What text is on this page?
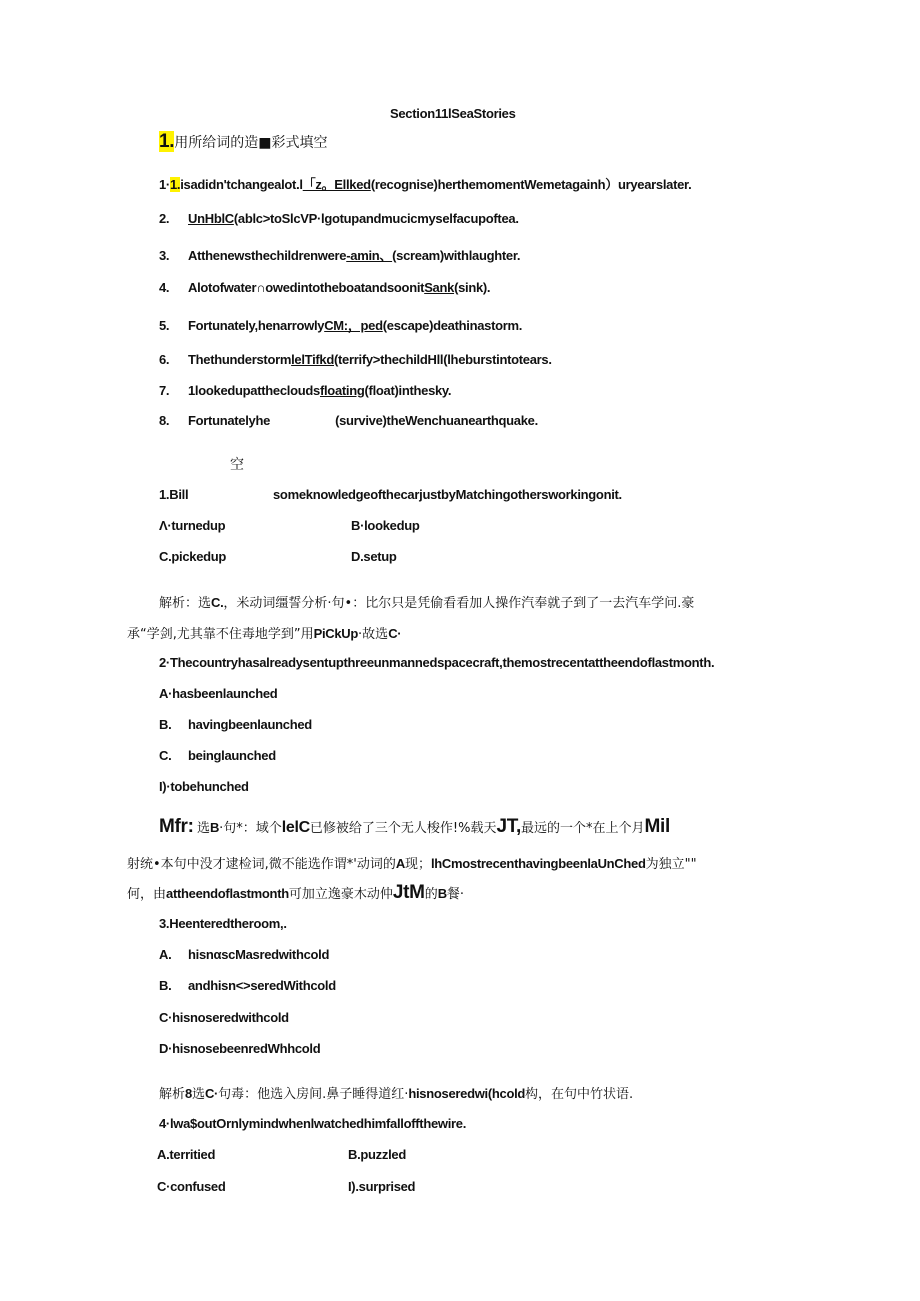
Section11lSeaStories
1.用所给词的造■彩式填空
1·1.isadidn'tchangealot.l「z。Ellked(recognise)herthemomentWemetagainh）uryearslater.
2. UnHblC(ablc>toSlcVP·lgotupandmucicmyselfacupoftea.
3. Atthenewsthechildrenwere-amin、(scream)withlaughter.
4. Alotofwater∩owedintotheboatandsoonitSank(sink).
5. Fortunately,henarrowlyCM:，ped(escape)deathinastorm.
6. ThethunderstormlelTifkd(terrify>thechildHll(lheburstintotears.
7. 1lookedupatthecloudsfloating(float)inthesky.
8. Fortunatelyhe	(survive)theWenchuanearthquake.
空
1.Bill	someknowledgeofthecarjustbyMatchingothersworkingonit.
Λ·turnedup	B·lookedup
C.pickedup	D.setup
解析：选C.，米动词缰誓分析·句•：比尔只是凭偷看看加人操作汽奉就子到了一去汽车学问.豪
承“学剑,尤其靠不住毒地学到”用PiCkUp·故选C·
2·Thecountryhasalreadysentupthreeunmannedspacecraft,themostrecentattheendoflastmonth.
A·hasbeenlaunched
B. havingbeenlaunched
C. beinglaunched
I)·tobehunched
Mfr: 选B·句*：域个lelC已修被给了三个无人梭作!%载天JT,最远的一个*在上个月Mil
射统•本句中没才逮检词,微不能选作谓*'动词的A现；lhCmostrecenthavingbeenlaUnChed为独立""
何，由attheendoflastmonth可加立逸豪木动仲JtM的B餐·
3.Heenteredtheroom,.
A. hisnαscMasredwithcold
B. andhisn<>seredWithcold
C·hisnoseredwithcold
D·hisnosebeenredWhhcold
解析8选C·句毒：他选入房间.鼻子睡得道红·hisnoseredwi(hcold构，在句中竹状语.
4·lwa$outOrnlymindwhenlwatchedhimfalloffthewire.
A.territied	B.puzzled
C·confused	I).surprised
